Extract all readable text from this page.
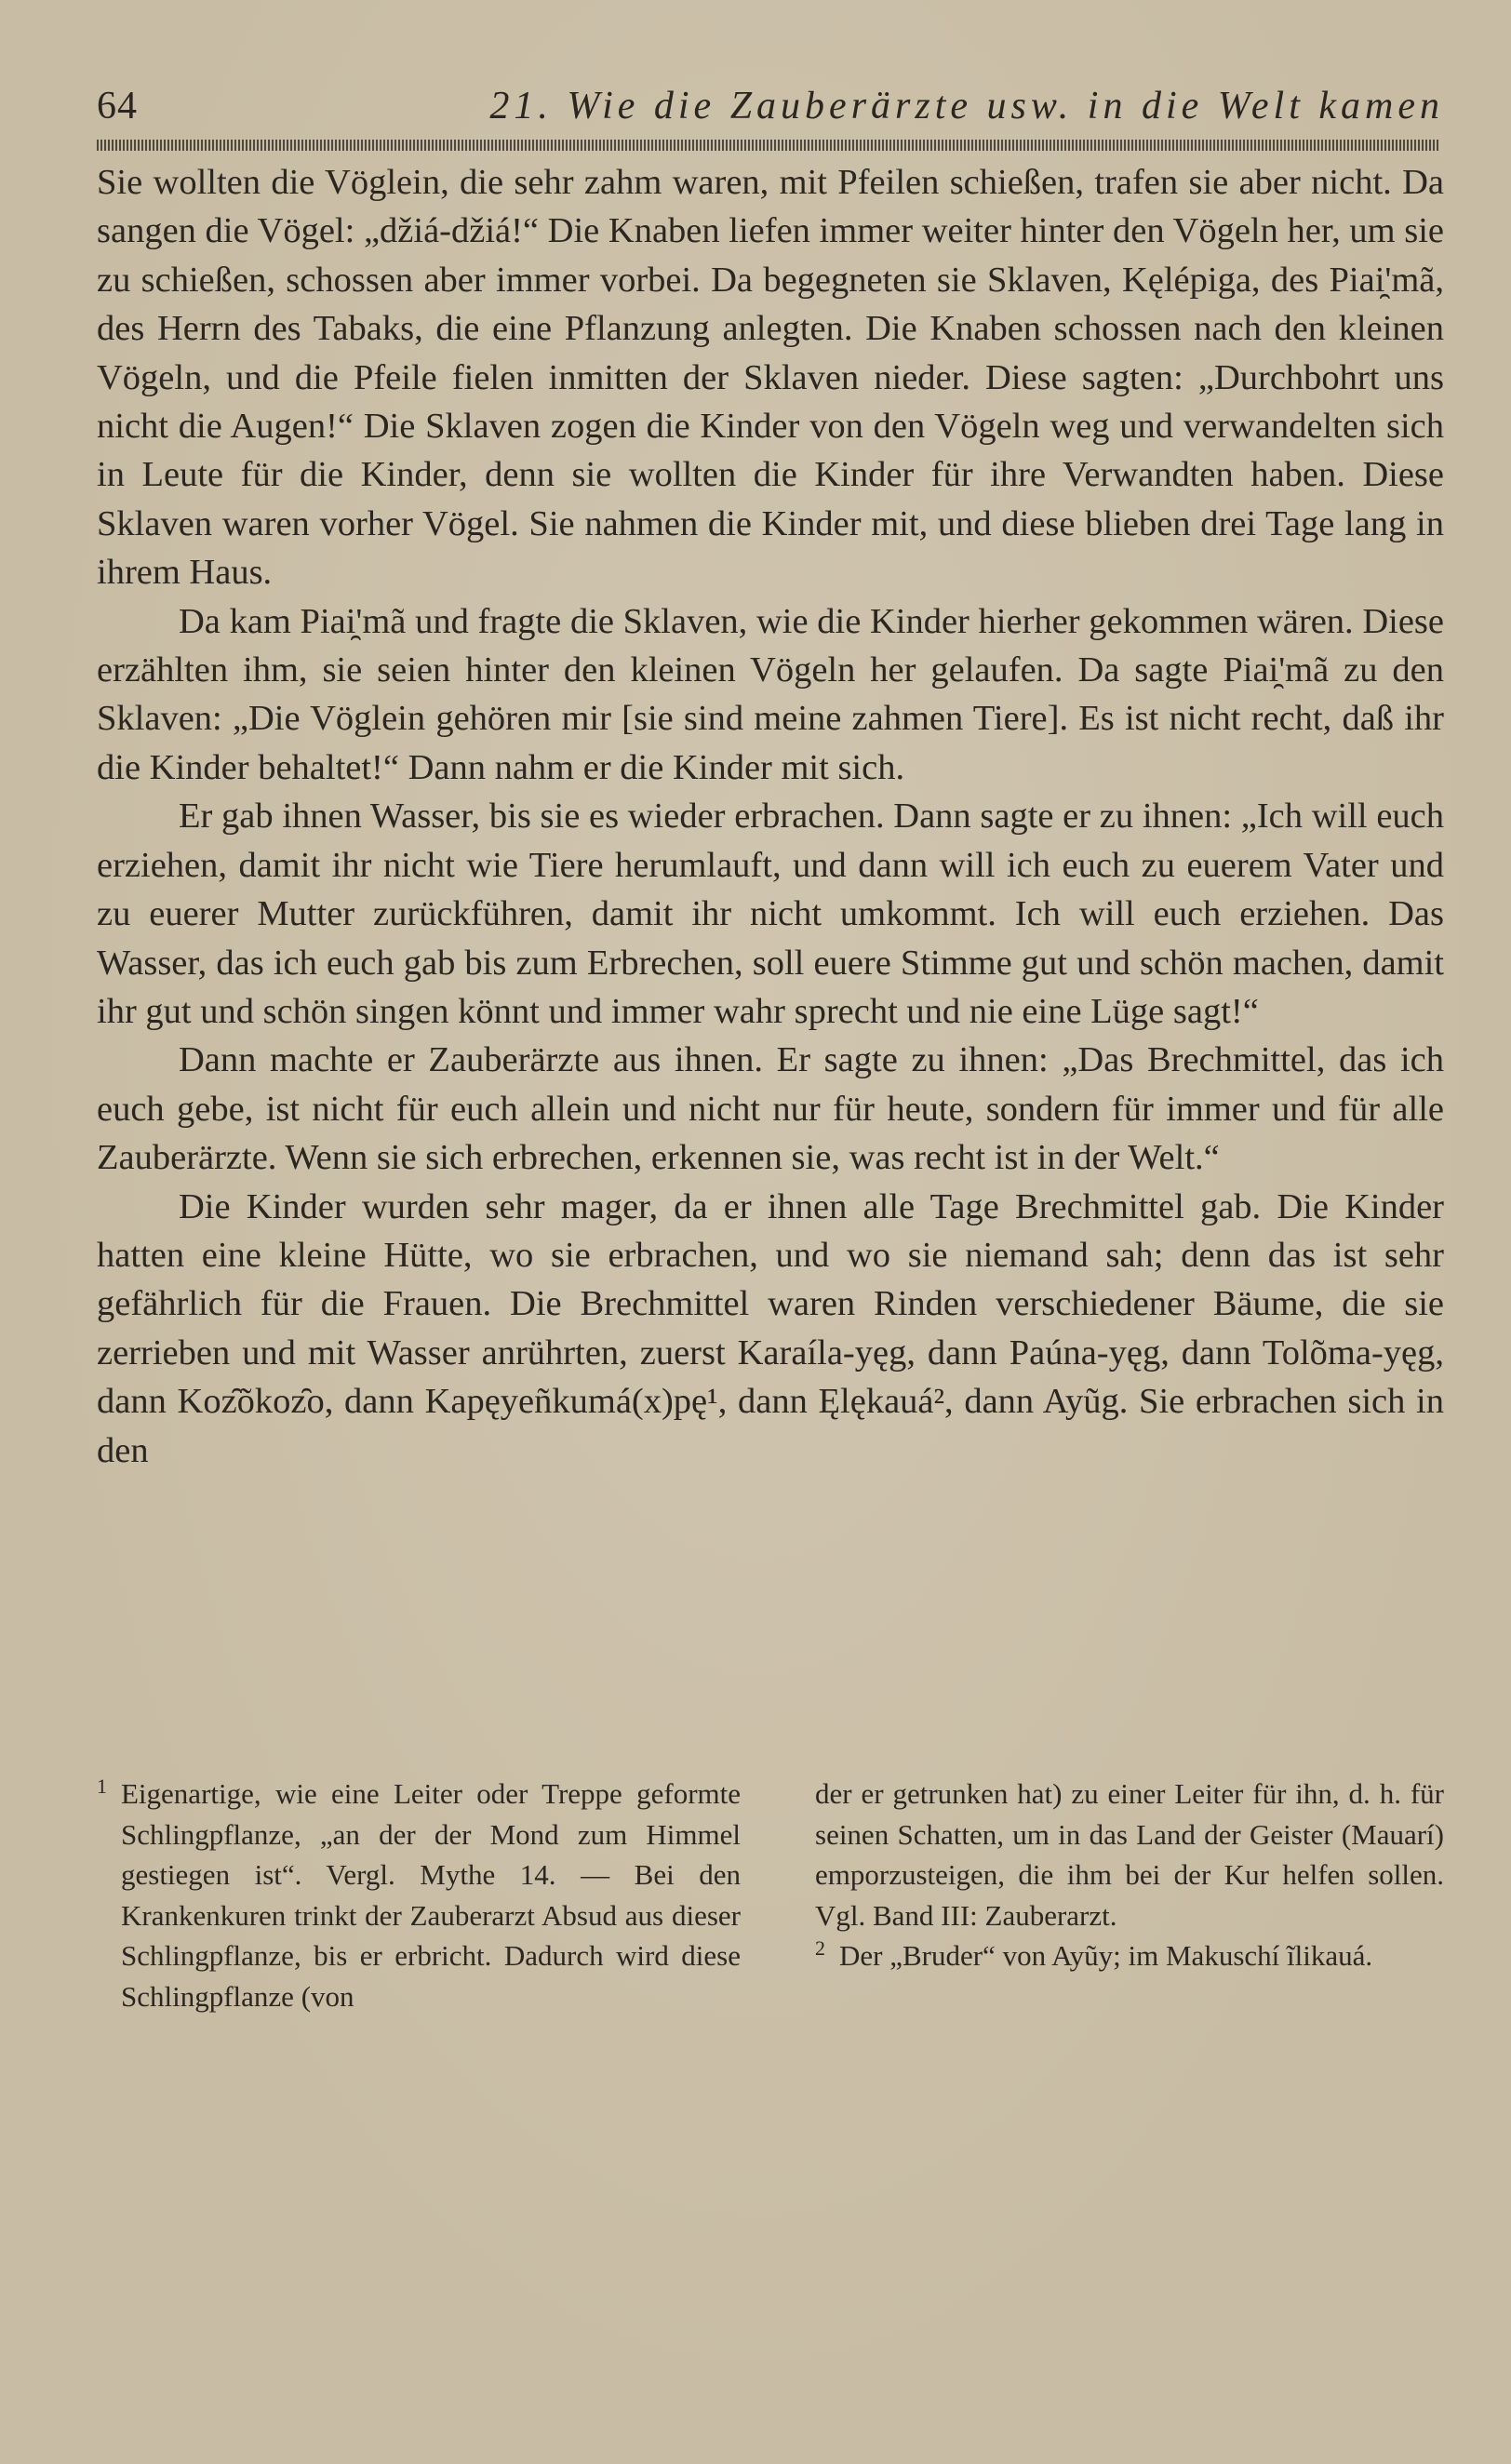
64	21. Wie die Zauberärzte usw. in die Welt kamen

Sie wollten die Vöglein, die sehr zahm waren, mit Pfeilen schießen, trafen sie aber nicht. Da sangen die Vögel: „džiá-džiá!“ Die Knaben liefen immer weiter hinter den Vögeln her, um sie zu schießen, schossen aber immer vorbei. Da begegneten sie Sklaven, Kęlépiga, des Piai̯'mã, des Herrn des Tabaks, die eine Pflanzung anlegten. Die Knaben schossen nach den kleinen Vögeln, und die Pfeile fielen inmitten der Sklaven nieder. Diese sagten: „Durchbohrt uns nicht die Augen!“ Die Sklaven zogen die Kinder von den Vögeln weg und verwandelten sich in Leute für die Kinder, denn sie wollten die Kinder für ihre Verwandten haben. Diese Sklaven waren vorher Vögel. Sie nahmen die Kinder mit, und diese blieben drei Tage lang in ihrem Haus.

Da kam Piai̯'mã und fragte die Sklaven, wie die Kinder hierher gekommen wären. Diese erzählten ihm, sie seien hinter den kleinen Vögeln her gelaufen. Da sagte Piai̯'mã zu den Sklaven: „Die Vöglein gehören mir [sie sind meine zahmen Tiere]. Es ist nicht recht, daß ihr die Kinder behaltet!“ Dann nahm er die Kinder mit sich.

Er gab ihnen Wasser, bis sie es wieder erbrachen. Dann sagte er zu ihnen: „Ich will euch erziehen, damit ihr nicht wie Tiere herumlauft, und dann will ich euch zu euerem Vater und zu euerer Mutter zurückführen, damit ihr nicht umkommt. Ich will euch erziehen. Das Wasser, das ich euch gab bis zum Erbrechen, soll euere Stimme gut und schön machen, damit ihr gut und schön singen könnt und immer wahr sprecht und nie eine Lüge sagt!“

Dann machte er Zauberärzte aus ihnen. Er sagte zu ihnen: „Das Brechmittel, das ich euch gebe, ist nicht für euch allein und nicht nur für heute, sondern für immer und für alle Zauberärzte. Wenn sie sich erbrechen, erkennen sie, was recht ist in der Welt.“

Die Kinder wurden sehr mager, da er ihnen alle Tage Brechmittel gab. Die Kinder hatten eine kleine Hütte, wo sie erbrachen, und wo sie niemand sah; denn das ist sehr gefährlich für die Frauen. Die Brechmittel waren Rinden verschiedener Bäume, die sie zerrieben und mit Wasser anrührten, zuerst Karaíla-yęg, dann Paúna-yęg, dann Tolõma-yęg, dann Koz̑õkoz̑o, dann Kapęyeñkumá(x)pę¹, dann Ęlękauá², dann Ayũg. Sie erbrachen sich in den

1 Eigenartige, wie eine Leiter oder Treppe geformte Schlingpflanze, „an der der Mond zum Himmel gestiegen ist“. Vergl. Mythe 14. — Bei den Krankenkuren trinkt der Zauberarzt Absud aus dieser Schlingpflanze, bis er erbricht. Dadurch wird diese Schlingpflanze (von

der er getrunken hat) zu einer Leiter für ihn, d. h. für seinen Schatten, um in das Land der Geister (Mauarí) emporzusteigen, die ihm bei der Kur helfen sollen. Vgl. Band III: Zauberarzt.

2 Der „Bruder“ von Ayũy; im Makuschí ĩlikauá.
